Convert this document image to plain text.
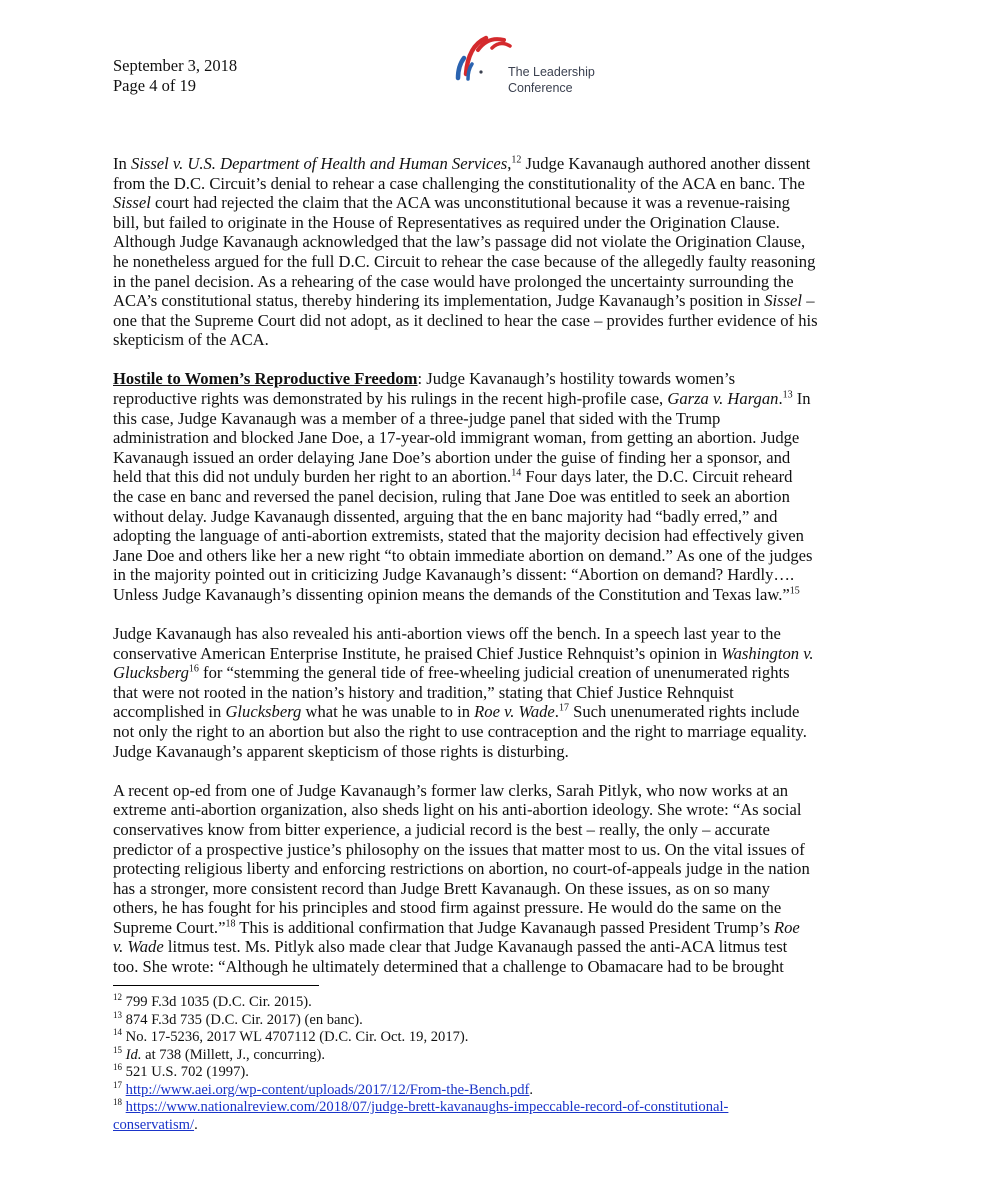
September 3, 2018
Page 4 of 19
The Leadership
Conference
In Sissel v. U.S. Department of Health and Human Services,$^{12}$ Judge Kavanaugh authored another dissent
from the D.C. Circuit’s denial to rehear a case challenging the constitutionality of the ACA en banc. The
Sissel court had rejected the claim that the ACA was unconstitutional because it was a revenue-raising
bill, but failed to originate in the House of Representatives as required under the Origination Clause.
Although Judge Kavanaugh acknowledged that the law’s passage did not violate the Origination Clause,
he nonetheless argued for the full D.C. Circuit to rehear the case because of the allegedly faulty reasoning
in the panel decision. As a rehearing of the case would have prolonged the uncertainty surrounding the
ACA’s constitutional status, thereby hindering its implementation, Judge Kavanaugh’s position in Sissel –
one that the Supreme Court did not adopt, as it declined to hear the case – provides further evidence of his
skepticism of the ACA.
Hostile to Women’s Reproductive Freedom: Judge Kavanaugh’s hostility towards women’s
reproductive rights was demonstrated by his rulings in the recent high-profile case, Garza v. Hargan.$^{13}$ In
this case, Judge Kavanaugh was a member of a three-judge panel that sided with the Trump
administration and blocked Jane Doe, a 17-year-old immigrant woman, from getting an abortion. Judge
Kavanaugh issued an order delaying Jane Doe’s abortion under the guise of finding her a sponsor, and
held that this did not unduly burden her right to an abortion.$^{14}$ Four days later, the D.C. Circuit reheard
the case en banc and reversed the panel decision, ruling that Jane Doe was entitled to seek an abortion
without delay. Judge Kavanaugh dissented, arguing that the en banc majority had “badly erred,” and
adopting the language of anti-abortion extremists, stated that the majority decision had effectively given
Jane Doe and others like her a new right “to obtain immediate abortion on demand.” As one of the judges
in the majority pointed out in criticizing Judge Kavanaugh’s dissent: “Abortion on demand? Hardly….
Unless Judge Kavanaugh’s dissenting opinion means the demands of the Constitution and Texas law.”$^{15}$
Judge Kavanaugh has also revealed his anti-abortion views off the bench. In a speech last year to the
conservative American Enterprise Institute, he praised Chief Justice Rehnquist’s opinion in Washington v.
Glucksberg$^{16}$ for “stemming the general tide of free-wheeling judicial creation of unenumerated rights
that were not rooted in the nation’s history and tradition,” stating that Chief Justice Rehnquist
accomplished in Glucksberg what he was unable to in Roe v. Wade.$^{17}$ Such unenumerated rights include
not only the right to an abortion but also the right to use contraception and the right to marriage equality.
Judge Kavanaugh’s apparent skepticism of those rights is disturbing.
A recent op-ed from one of Judge Kavanaugh’s former law clerks, Sarah Pitlyk, who now works at an
extreme anti-abortion organization, also sheds light on his anti-abortion ideology. She wrote: “As social
conservatives know from bitter experience, a judicial record is the best – really, the only – accurate
predictor of a prospective justice’s philosophy on the issues that matter most to us. On the vital issues of
protecting religious liberty and enforcing restrictions on abortion, no court-of-appeals judge in the nation
has a stronger, more consistent record than Judge Brett Kavanaugh. On these issues, as on so many
others, he has fought for his principles and stood firm against pressure. He would do the same on the
Supreme Court.”$^{18}$ This is additional confirmation that Judge Kavanaugh passed President Trump’s Roe
v. Wade litmus test. Ms. Pitlyk also made clear that Judge Kavanaugh passed the anti-ACA litmus test
too. She wrote: “Although he ultimately determined that a challenge to Obamacare had to be brought
$^{12}$ 799 F.3d 1035 (D.C. Cir. 2015).
$^{13}$ 874 F.3d 735 (D.C. Cir. 2017) (en banc).
$^{14}$ No. 17-5236, 2017 WL 4707112 (D.C. Cir. Oct. 19, 2017).
$^{15}$ Id. at 738 (Millett, J., concurring).
$^{16}$ 521 U.S. 702 (1997).
$^{17}$ http://www.aei.org/wp-content/uploads/2017/12/From-the-Bench.pdf.
$^{18}$ https://www.nationalreview.com/2018/07/judge-brett-kavanaughs-impeccable-record-of-constitutional-
conservatism/.
